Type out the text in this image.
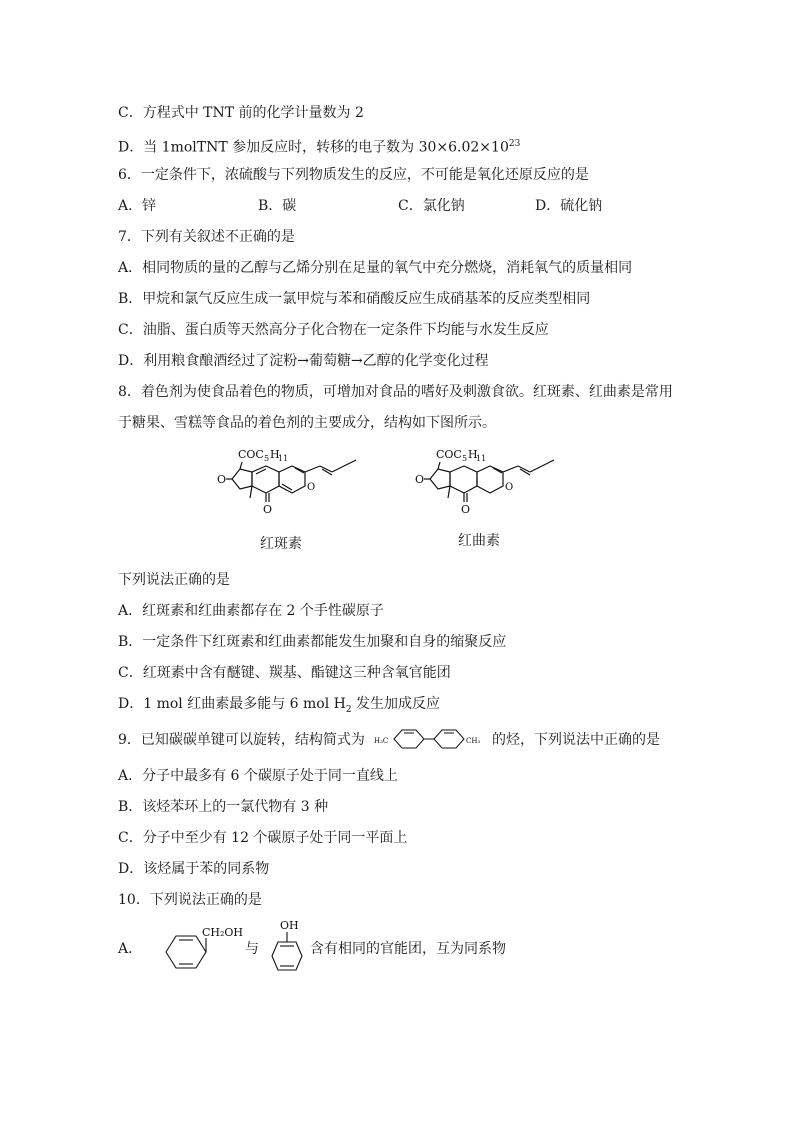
C．方程式中 TNT 前的化学计量数为 2
D．当 1molTNT 参加反应时，转移的电子数为 $30\times 6.02\times 10^{23}$
6．一定条件下，浓硫酸与下列物质发生的反应，不可能是氧化还原反应的是
A．锌	B．碳	C．氯化钠	D．硫化钠
7．下列有关叙述不正确的是
A．相同物质的量的乙醇与乙烯分别在足量的氧气中充分燃烧，消耗氧气的质量相同
B．甲烷和氯气反应生成一氯甲烷与苯和硝酸反应生成硝基苯的反应类型相同
C．油脂、蛋白质等天然高分子化合物在一定条件下均能与水发生反应
D．利用粮食酿酒经过了淀粉→葡萄糖→乙醇的化学变化过程
8．着色剂为使食品着色的物质，可增加对食品的嗜好及刺激食欲。红斑素、红曲素是常用
于糖果、雪糕等食品的着色剂的主要成分，结构如下图所示。
COC 5 H
11
O
O
O
红斑素
COC 5 H
11
O
O
O
红曲素
下列说法正确的是
A．红斑素和红曲素都存在 2 个手性碳原子
B．一定条件下红斑素和红曲素都能发生加聚和自身的缩聚反应
C．红斑素中含有醚键、羰基、酯键这三种含氧官能团
D．1 mol 红曲素最多能与 6 mol $H_2$ 发生加成反应
9．已知碳碳单键可以旋转，结构简式为 H₃C	CH₃ 的烃，下列说法中正确的是
A．分子中最多有 6 个碳原子处于同一直线上
B．该烃苯环上的一氯代物有 3 种
C．分子中至少有 12 个碳原子处于同一平面上
D．该烃属于苯的同系物
10．下列说法正确的是
A．
CH₂OH
与
OH
含有相同的官能团，互为同系物
